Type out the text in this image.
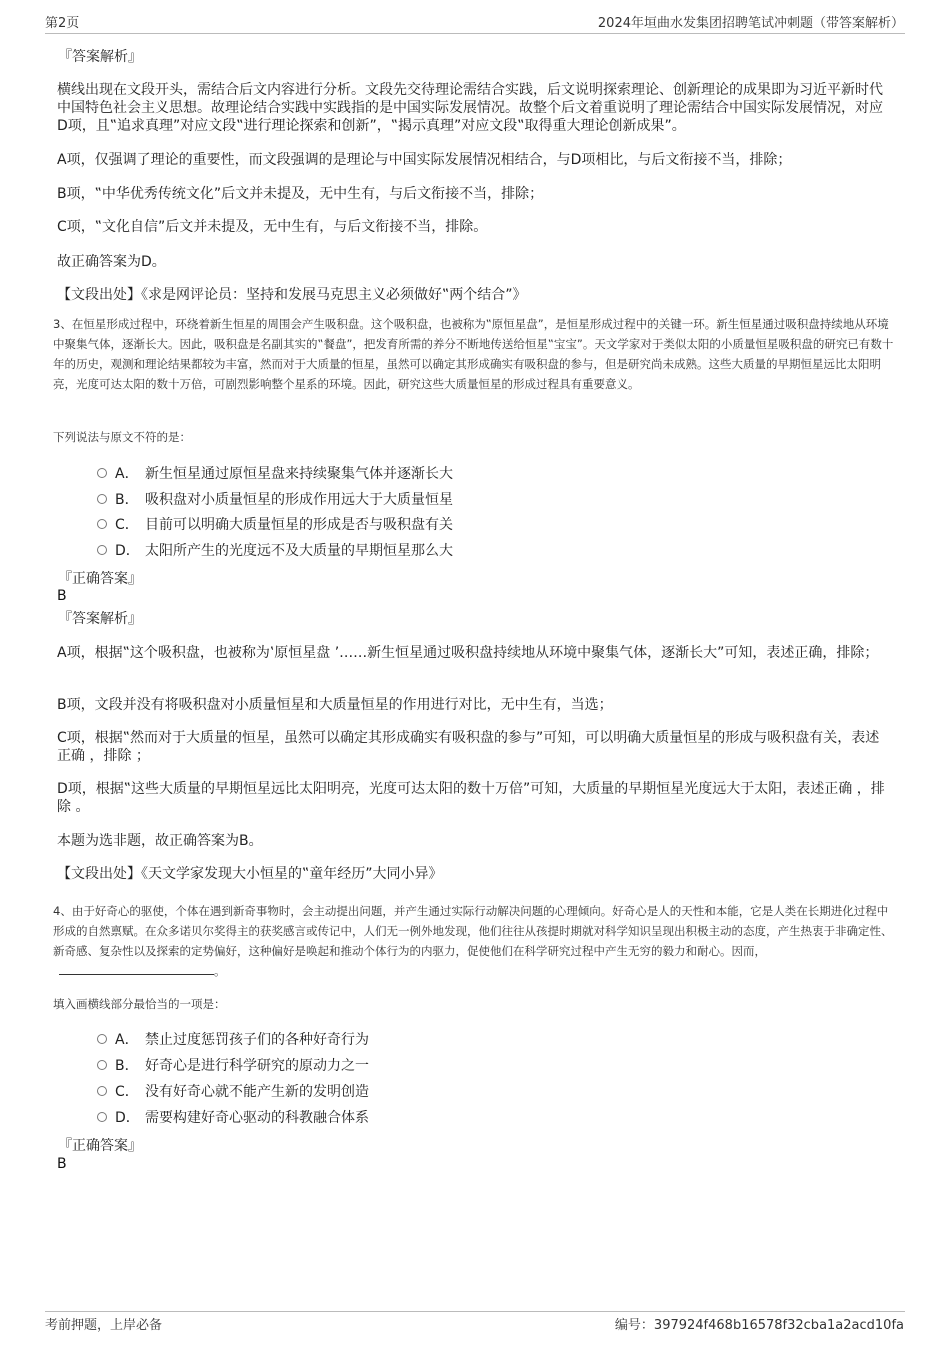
第2页	2024年垣曲水发集团招聘笔试冲刺题（带答案解析）
『答案解析』
横线出现在文段开头，需结合后文内容进行分析。文段先交待理论需结合实践，后文说明探索理论、创新理论的成果即为习近平新时代中国特色社会主义思想。故理论结合实践中实践指的是中国实际发展情况。故整个后文着重说明了理论需结合中国实际发展情况，对应D项，且‟追求真理”对应文段‟进行理论探索和创新”，‟揭示真理”对应文段‟取得重大理论创新成果”。
A项，仅强调了理论的重要性，而文段强调的是理论与中国实际发展情况相结合，与D项相比，与后文衔接不当，排除；
B项，‟中华优秀传统文化”后文并未提及，无中生有，与后文衔接不当，排除；
C项，‟文化自信”后文并未提及，无中生有，与后文衔接不当，排除。
故正确答案为D。
【文段出处】《求是网评论员：坚持和发展马克思主义必须做好‟两个结合”》
3、在恒星形成过程中，环绕着新生恒星的周围会产生吸积盘。这个吸积盘，也被称为‟原恒星盘”，是恒星形成过程中的关键一环。新生恒星通过吸积盘持续地从环境中聚集气体，逐渐长大。因此，吸积盘是名副其实的‟餐盘”，把发育所需的养分不断地传送给恒星‟宝宝”。天文学家对于类似太阳的小质量恒星吸积盘的研究已有数十年的历史，观测和理论结果都较为丰富，然而对于大质量的恒星，虽然可以确定其形成确实有吸积盘的参与，但是研究尚未成熟。这些大质量的早期恒星远比太阳明亮，光度可达太阳的数十万倍，可剧烈影响整个星系的环境。因此，研究这些大质量恒星的形成过程具有重要意义。
下列说法与原文不符的是：
A． 新生恒星通过原恒星盘来持续聚集气体并逐渐长大
B． 吸积盘对小质量恒星的形成作用远大于大质量恒星
C． 目前可以明确大质量恒星的形成是否与吸积盘有关
D． 太阳所产生的光度远不及大质量的早期恒星那么大
『正确答案』
B
『答案解析』
A项，根据‟这个吸积盘，也被称为‛原恒星盘 ’……新生恒星通过吸积盘持续地从环境中聚集气体，逐渐长大”可知，表述正确，排除；
B项，文段并没有将吸积盘对小质量恒星和大质量恒星的作用进行对比，无中生有，当选；
C项，根据‟然而对于大质量的恒星，虽然可以确定其形成确实有吸积盘的参与”可知，可以明确大质量恒星的形成与吸积盘有关，表述正确 ，排除 ；
D项，根据‟这些大质量的早期恒星远比太阳明亮，光度可达太阳的数十万倍”可知，大质量的早期恒星光度远大于太阳，表述正确 ，排除 。
本题为选非题，故正确答案为B。
【文段出处】《天文学家发现大小恒星的‟童年经历”大同小异》
4、由于好奇心的驱使，个体在遇到新奇事物时，会主动提出问题，并产生通过实际行动解决问题的心理倾向。好奇心是人的天性和本能，它是人类在长期进化过程中形成的自然禀赋。在众多诺贝尔奖得主的获奖感言或传记中，人们无一例外地发现，他们往往从孩提时期就对科学知识呈现出积极主动的态度，产生热衷于非确定性、新奇感、复杂性以及探索的定势偏好，这种偏好是唤起和推动个体行为的内驱力，促使他们在科学研究过程中产生无穷的毅力和耐心。因而，。
填入画横线部分最恰当的一项是：
A． 禁止过度惩罚孩子们的各种好奇行为
B． 好奇心是进行科学研究的原动力之一
C． 没有好奇心就不能产生新的发明创造
D． 需要构建好奇心驱动的科教融合体系
『正确答案』
B
考前押题，上岸必备	编号：397924f468b16578f32cba1a2acd10fa
